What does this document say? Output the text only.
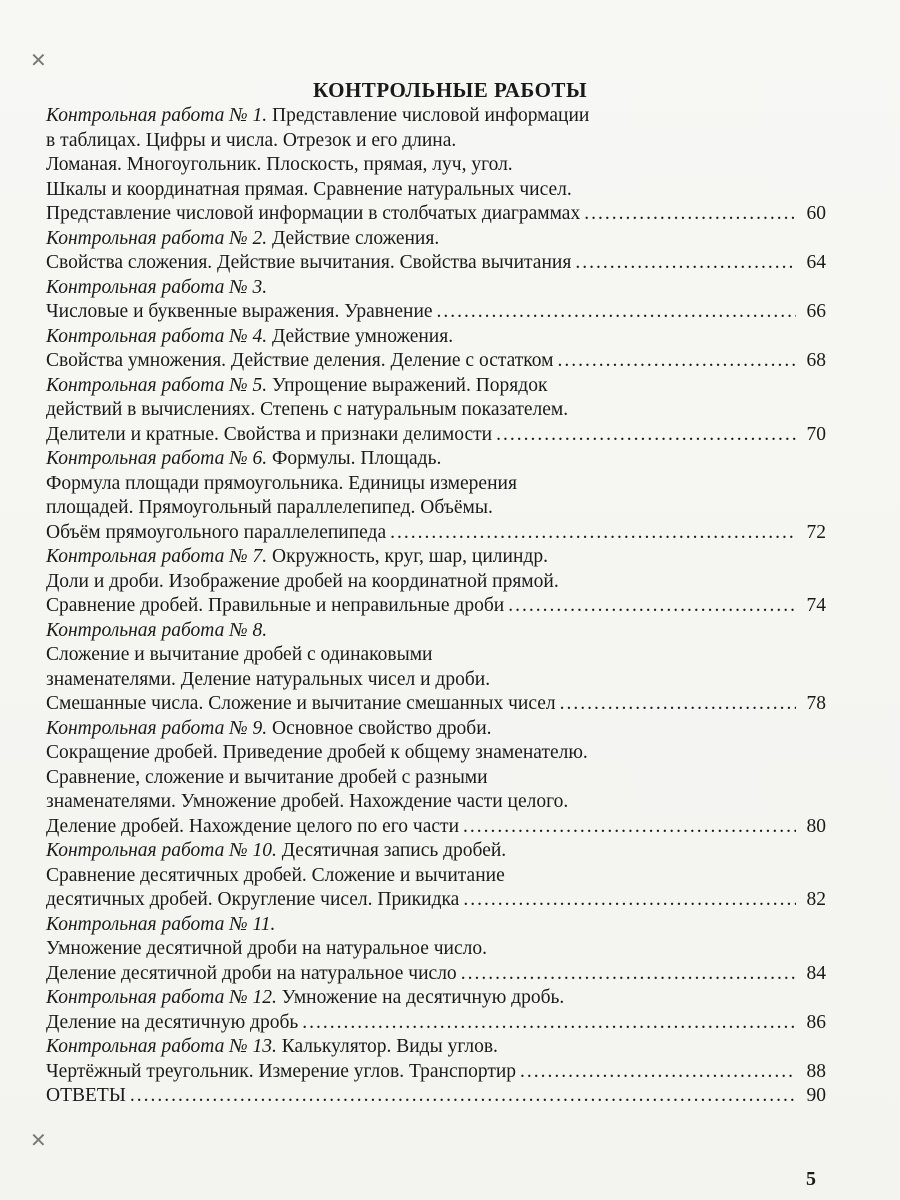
✕
✕
КОНТРОЛЬНЫЕ РАБОТЫ
Контрольная работа № 1. Представление числовой информации
в таблицах. Цифры и числа. Отрезок и его длина.
Ломаная. Многоугольник. Плоскость, прямая, луч, угол.
Шкалы и координатная прямая. Сравнение натуральных чисел.
Представление числовой информации в столбчатых диаграммах .....	60
Контрольная работа № 2. Действие сложения.
Свойства сложения. Действие вычитания. Свойства вычитания .....	64
Контрольная работа № 3.
Числовые и буквенные выражения. Уравнение .....	66
Контрольная работа № 4. Действие умножения.
Свойства умножения. Действие деления. Деление с остатком .....	68
Контрольная работа № 5. Упрощение выражений. Порядок
действий в вычислениях. Степень с натуральным показателем.
Делители и кратные. Свойства и признаки делимости .....	70
Контрольная работа № 6. Формулы. Площадь.
Формула площади прямоугольника. Единицы измерения
площадей. Прямоугольный параллелепипед. Объёмы.
Объём прямоугольного параллелепипеда .....	72
Контрольная работа № 7. Окружность, круг, шар, цилиндр.
Доли и дроби. Изображение дробей на координатной прямой.
Сравнение дробей. Правильные и неправильные дроби .....	74
Контрольная работа № 8.
Сложение и вычитание дробей с одинаковыми
знаменателями. Деление натуральных чисел и дроби.
Смешанные числа. Сложение и вычитание смешанных чисел .....	78
Контрольная работа № 9. Основное свойство дроби.
Сокращение дробей. Приведение дробей к общему знаменателю.
Сравнение, сложение и вычитание дробей с разными
знаменателями. Умножение дробей. Нахождение части целого.
Деление дробей. Нахождение целого по его части .....	80
Контрольная работа № 10. Десятичная запись дробей.
Сравнение десятичных дробей. Сложение и вычитание
десятичных дробей. Округление чисел. Прикидка .....	82
Контрольная работа № 11.
Умножение десятичной дроби на натуральное число.
Деление десятичной дроби на натуральное число .....	84
Контрольная работа № 12. Умножение на десятичную дробь.
Деление на десятичную дробь .....	86
Контрольная работа № 13. Калькулятор. Виды углов.
Чертёжный треугольник. Измерение углов. Транспортир .....	88
ОТВЕТЫ .....	90
5
